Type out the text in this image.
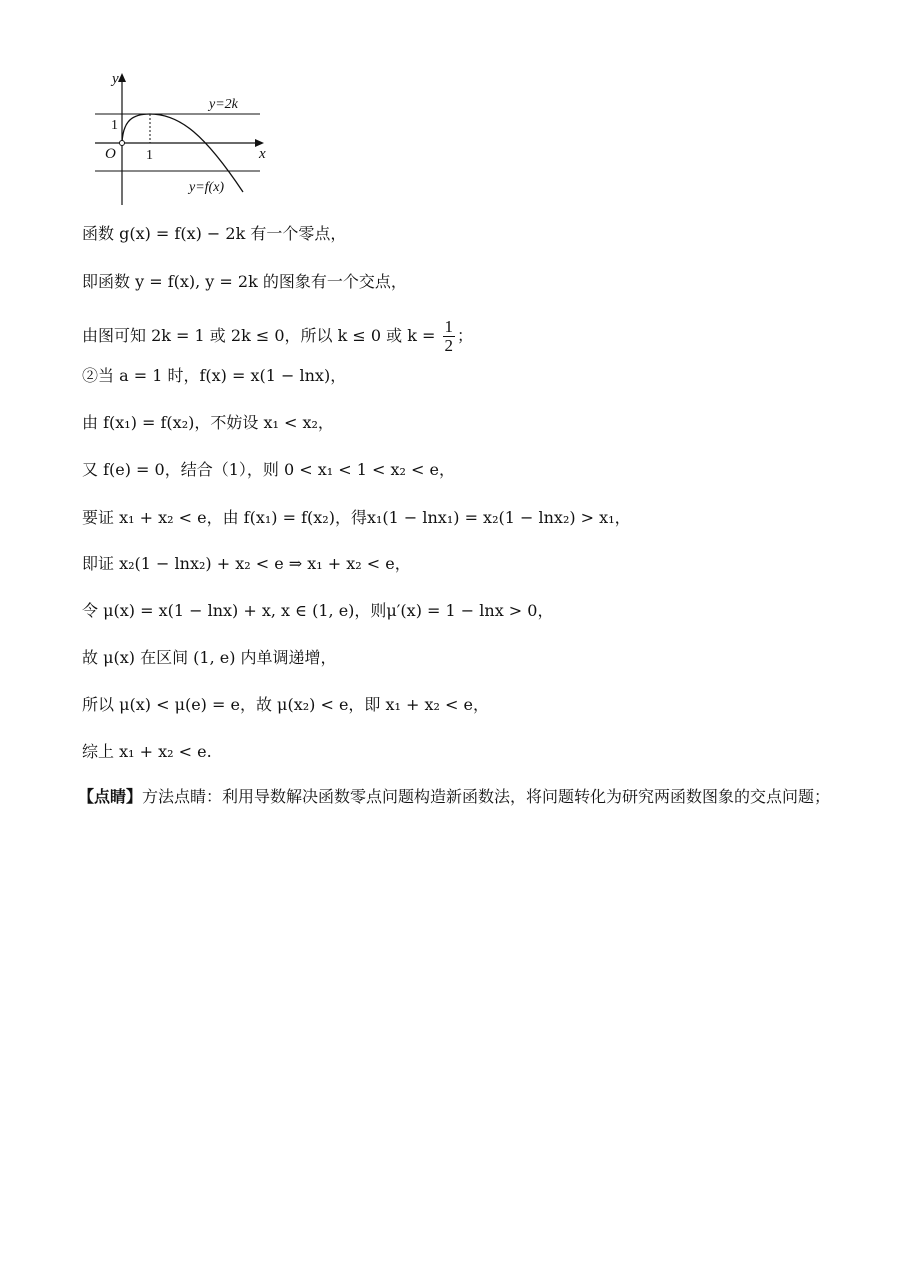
y
x
O
1
1
y=2k
y=f(x)
函数 g(x) = f(x) − 2k 有一个零点，
即函数 y = f(x), y = 2k 的图象有一个交点，
由图可知 2k = 1 或 2k ≤ 0，所以 k ≤ 0 或 $k = \frac{1}{2}$ ；
②当 a = 1 时，f(x) = x(1 − lnx)，
由 f(x₁) = f(x₂)，不妨设 x₁ < x₂，
又 f(e) = 0，结合（1），则 0 < x₁ < 1 < x₂ < e，
要证 x₁ + x₂ < e，由 f(x₁) = f(x₂)，得x₁(1 − lnx₁) = x₂(1 − lnx₂) > x₁，
即证 x₂(1 − lnx₂) + x₂ < e ⇒ x₁ + x₂ < e，
令 μ(x) = x(1 − lnx) + x, x ∈ (1, e)，则μ′(x) = 1 − lnx > 0，
故 μ(x) 在区间 (1, e) 内单调递增，
所以 μ(x) < μ(e) = e，故 μ(x₂) < e，即 x₁ + x₂ < e，
综上 x₁ + x₂ < e.
【点睛】方法点睛：利用导数解决函数零点问题构造新函数法，将问题转化为研究两函数图象的交点问题；
